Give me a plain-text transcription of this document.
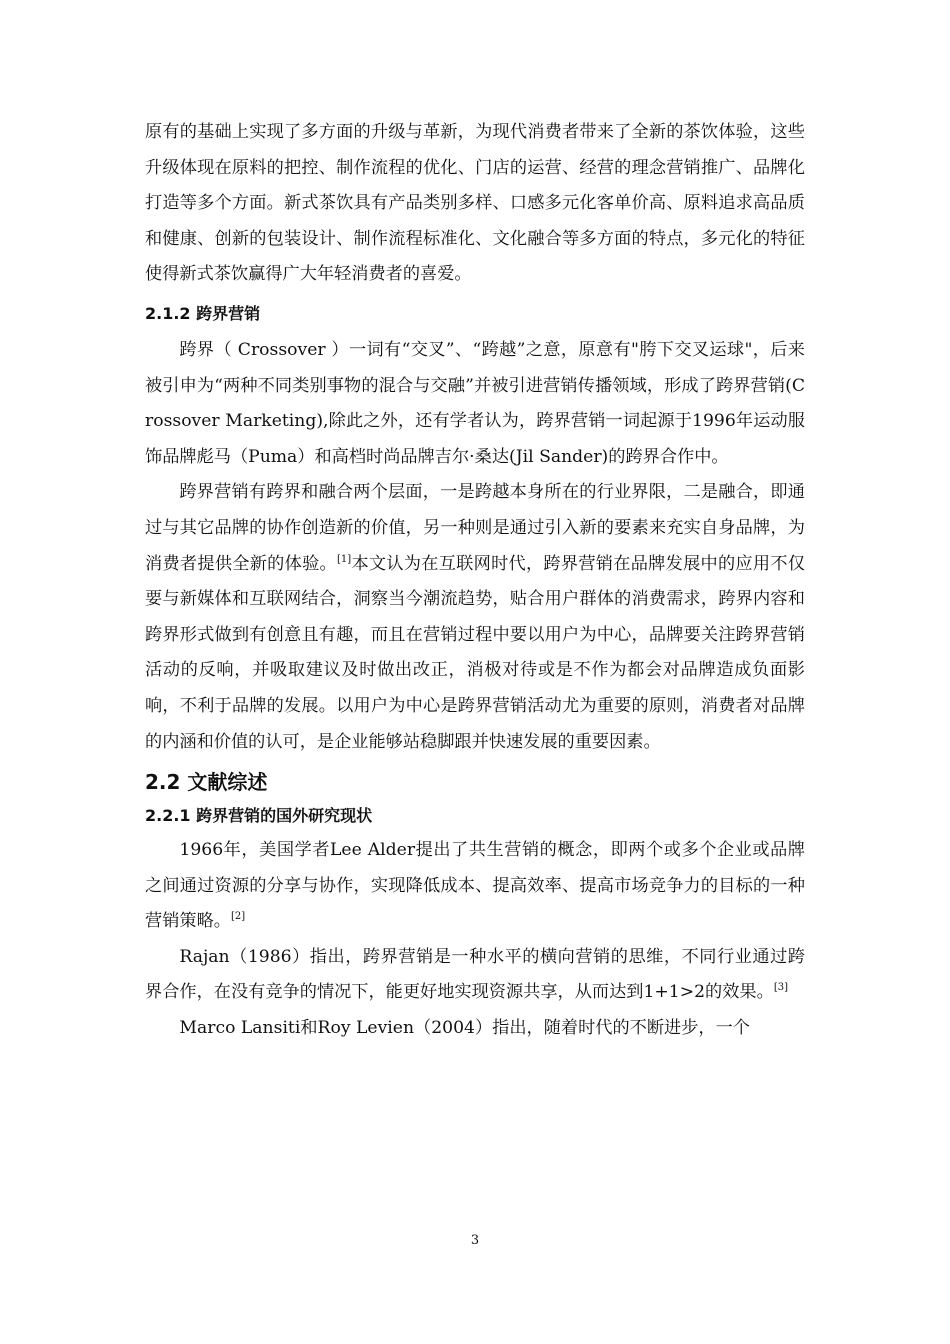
原有的基础上实现了多方面的升级与革新，为现代消费者带来了全新的茶饮体验，这些升级体现在原料的把控、制作流程的优化、门店的运营、经营的理念营销推广、品牌化打造等多个方面。新式茶饮具有产品类别多样、口感多元化客单价高、原料追求高品质和健康、创新的包装设计、制作流程标准化、文化融合等多方面的特点，多元化的特征使得新式茶饮赢得广大年轻消费者的喜爱。

2.1.2 跨界营销

跨界（ Crossover ）一词有“交叉”、“跨越”之意，原意有"胯下交叉运球"，后来被引申为“两种不同类别事物的混合与交融”并被引进营销传播领域，形成了跨界营销(Crossover Marketing),除此之外，还有学者认为，跨界营销一词起源于1996年运动服饰品牌彪马（Puma）和高档时尚品牌吉尔·桑达(Jil Sander)的跨界合作中。

跨界营销有跨界和融合两个层面，一是跨越本身所在的行业界限，二是融合，即通过与其它品牌的协作创造新的价值，另一种则是通过引入新的要素来充实自身品牌，为消费者提供全新的体验。[1]本文认为在互联网时代，跨界营销在品牌发展中的应用不仅要与新媒体和互联网结合，洞察当今潮流趋势，贴合用户群体的消费需求，跨界内容和跨界形式做到有创意且有趣，而且在营销过程中要以用户为中心，品牌要关注跨界营销活动的反响，并吸取建议及时做出改正，消极对待或是不作为都会对品牌造成负面影响，不利于品牌的发展。以用户为中心是跨界营销活动尤为重要的原则，消费者对品牌的内涵和价值的认可，是企业能够站稳脚跟并快速发展的重要因素。

2.2 文献综述
2.2.1 跨界营销的国外研究现状

1966年，美国学者Lee Alder提出了共生营销的概念，即两个或多个企业或品牌之间通过资源的分享与协作，实现降低成本、提高效率、提高市场竞争力的目标的一种营销策略。[2]

Rajan（1986）指出，跨界营销是一种水平的横向营销的思维，不同行业通过跨界合作，在没有竞争的情况下，能更好地实现资源共享，从而达到1+1>2的效果。[3]

Marco Lansiti和Roy Levien（2004）指出，随着时代的不断进步，一个

3
